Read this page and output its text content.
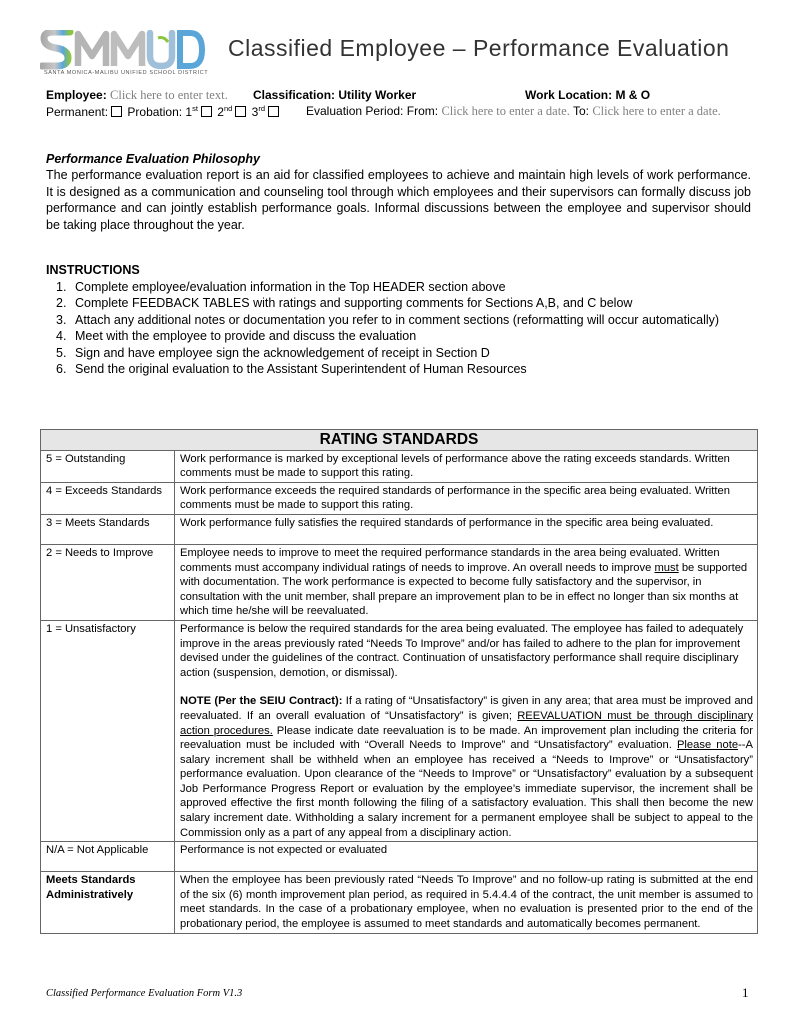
SANTA MONICA-MALIBU UNIFIED SCHOOL DISTRICT
Classified Employee – Performance Evaluation
Employee: Click here to enter text. Classification: Utility Worker	Work Location: M & O
Permanent: Probation: 1st 2nd 3rd	Evaluation Period: From: Click here to enter a date. To: Click here to enter a date.
Performance Evaluation Philosophy
The performance evaluation report is an aid for classified employees to achieve and maintain high levels of work performance. It is designed as a communication and counseling tool through which employees and their supervisors can formally discuss job performance and can jointly establish performance goals. Informal discussions between the employee and supervisor should be taking place throughout the year.
INSTRUCTIONS
1. Complete employee/evaluation information in the Top HEADER section above
2. Complete FEEDBACK TABLES with ratings and supporting comments for Sections A,B, and C below
3. Attach any additional notes or documentation you refer to in comment sections (reformatting will occur automatically)
4. Meet with the employee to provide and discuss the evaluation
5. Sign and have employee sign the acknowledgement of receipt in Section D
6. Send the original evaluation to the Assistant Superintendent of Human Resources
RATING STANDARDS	
5 = Outstanding	Work performance is marked by exceptional levels of performance above the rating exceeds standards. Written comments must be made to support this rating.
4 = Exceeds Standards	Work performance exceeds the required standards of performance in the specific area being evaluated. Written comments must be made to support this rating.
3 = Meets Standards	Work performance fully satisfies the required standards of performance in the specific area being evaluated.
2 = Needs to Improve	Employee needs to improve to meet the required performance standards in the area being evaluated. Written comments must accompany individual ratings of needs to improve. An overall needs to improve must be supported with documentation. The work performance is expected to become fully satisfactory and the supervisor, in consultation with the unit member, shall prepare an improvement plan to be in effect no longer than six months at which time he/she will be reevaluated.
1 = Unsatisfactory	Performance is below the required standards for the area being evaluated. The employee has failed to adequately improve in the areas previously rated “Needs To Improve” and/or has failed to adhere to the plan for improvement devised under the guidelines of the contract. Continuation of unsatisfactory performance shall require disciplinary action (suspension, demotion, or dismissal).

NOTE (Per the SEIU Contract): If a rating of “Unsatisfactory” is given in any area; that area must be improved and reevaluated. If an overall evaluation of “Unsatisfactory” is given; REEVALUATION must be through disciplinary action procedures. Please indicate date reevaluation is to be made. An improvement plan including the criteria for reevaluation must be included with “Overall Needs to Improve” and “Unsatisfactory” evaluation. Please note--A salary increment shall be withheld when an employee has received a “Needs to Improve” or “Unsatisfactory” performance evaluation. Upon clearance of the “Needs to Improve” or “Unsatisfactory” evaluation by a subsequent Job Performance Progress Report or evaluation by the employee’s immediate supervisor, the increment shall be approved effective the first month following the filing of a satisfactory evaluation. This shall then become the new salary increment date. Withholding a salary increment for a permanent employee shall be subject to appeal to the Commission only as a part of any appeal from a disciplinary action.

N/A = Not Applicable	Performance is not expected or evaluated
Meets Standards Administratively	When the employee has been previously rated “Needs To Improve” and no follow-up rating is submitted at the end of the six (6) month improvement plan period, as required in 5.4.4.4 of the contract, the unit member is assumed to meet standards. In the case of a probationary employee, when no evaluation is presented prior to the end of the probationary period, the employee is assumed to meet standards and automatically becomes permanent.
Classified Performance Evaluation Form V1.3	1
